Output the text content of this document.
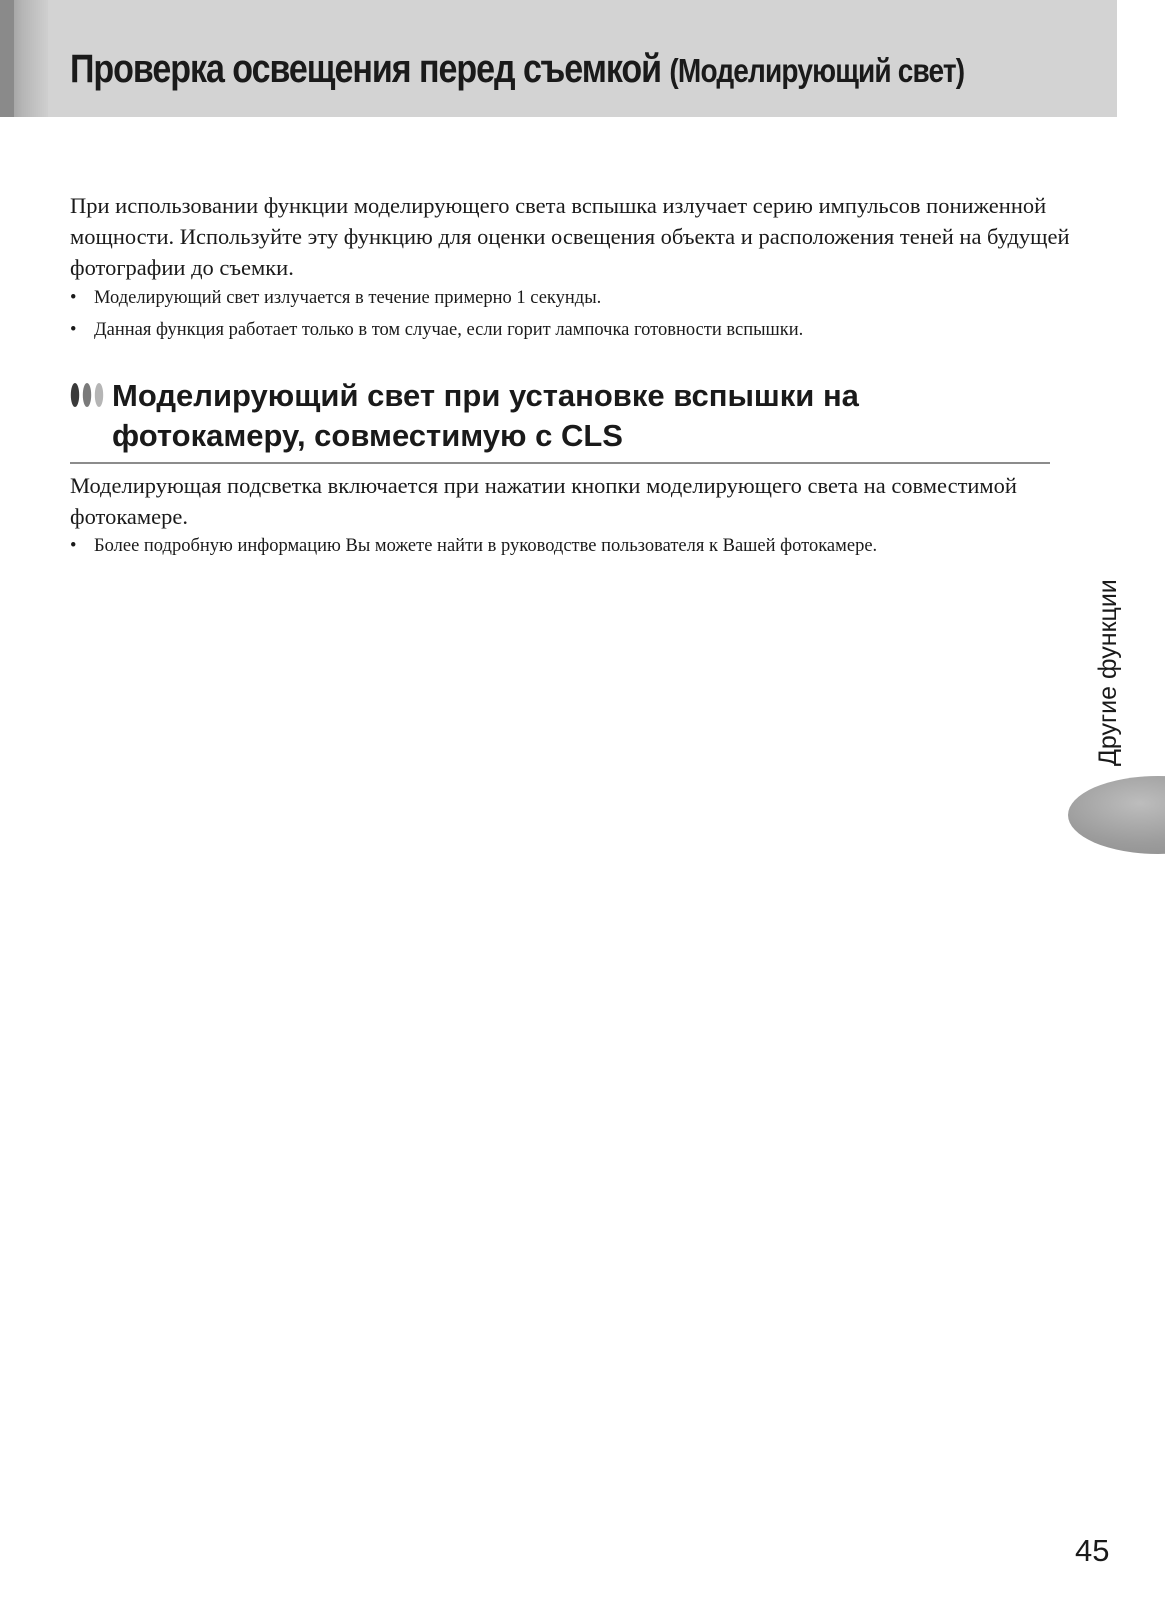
Проверка освещения перед съемкой (Моделирующий свет)

При использовании функции моделирующего света вспышка излучает серию импульсов пониженной мощности. Используйте эту функцию для оценки освещения объекта и расположения теней на будущей фотографии до съемки.

• Моделирующий свет излучается в течение примерно 1 секунды.
• Данная функция работает только в том случае, если горит лампочка готовности вспышки.
Моделирующий свет при установке вспышки на
фотокамеру, совместимую с CLS

Моделирующая подсветка включается при нажатии кнопки моделирующего света на совместимой фотокамере.

• Более подробную информацию Вы можете найти в руководстве пользователя к Вашей фотокамере.
Другие функции
45
